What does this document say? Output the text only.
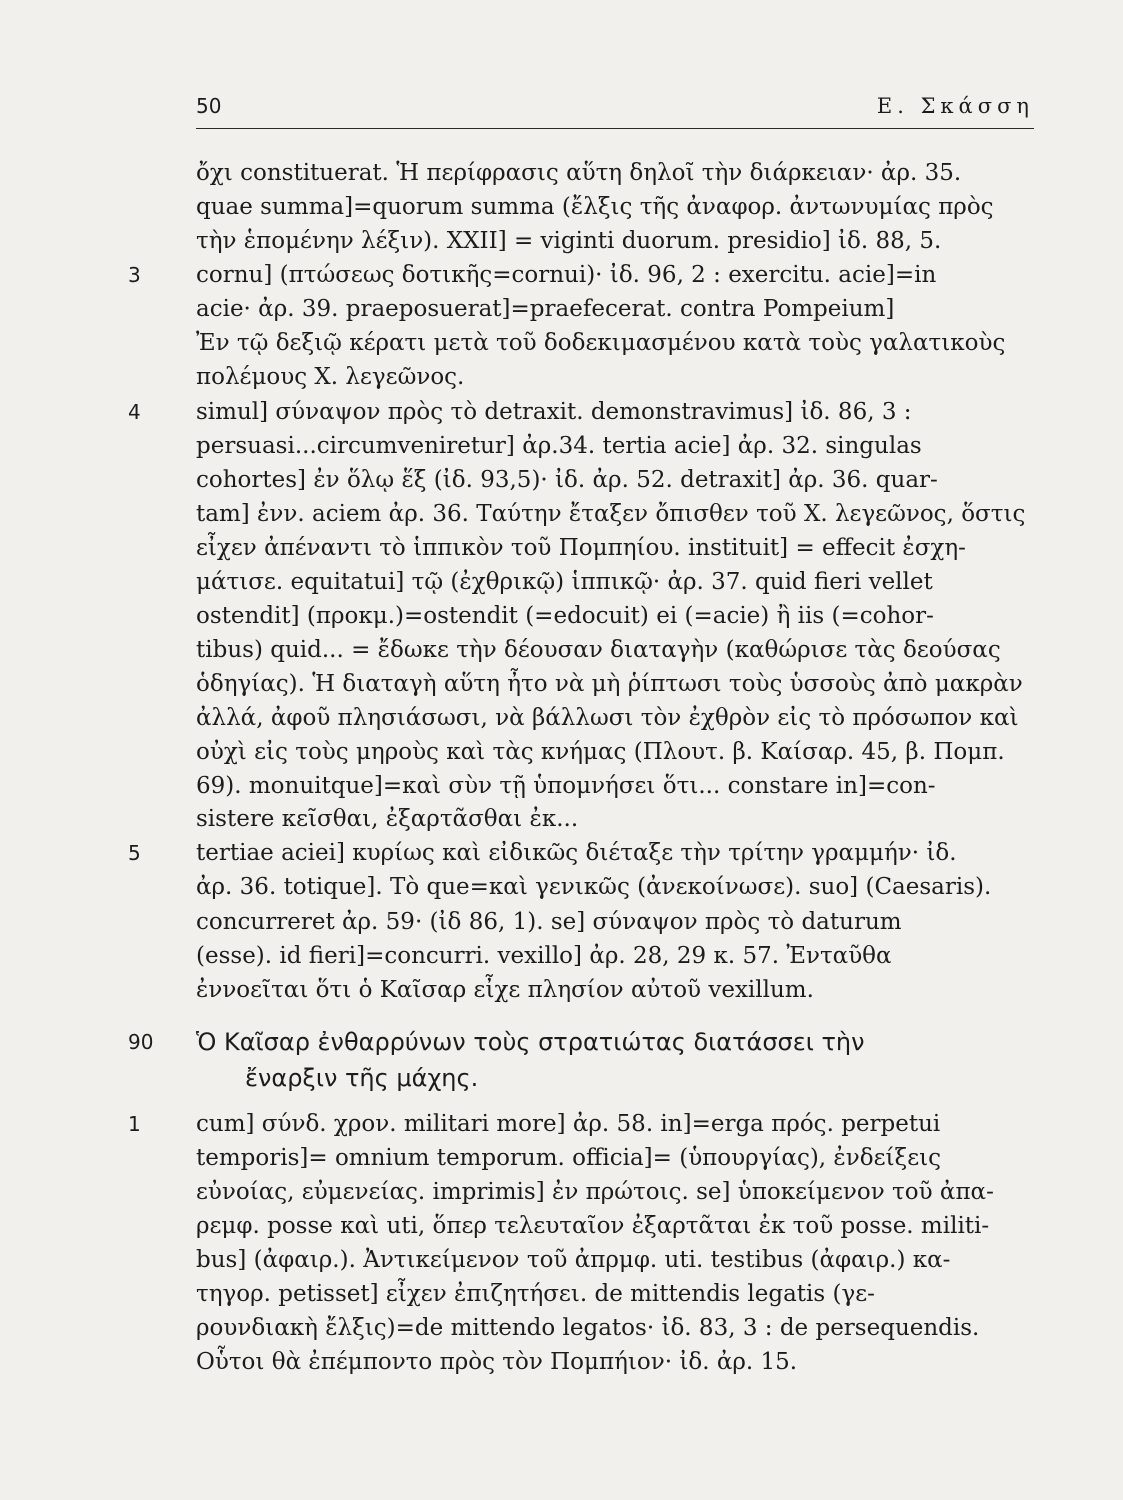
50	Ε. Σκάσση
3
4
5
90
1
ὄχι constituerat. Ἡ περίφρασις αὕτη δηλοῖ τὴν διάρκειαν· ἀρ. 35.
quae summa]=quorum summa (ἔλξις τῆς ἀναφορ. ἀντωνυμίας πρὸς
τὴν ἑπομένην λέξιν). XXII] = viginti duorum. presidio] ἰδ. 88, 5.
cornu] (πτώσεως δοτικῆς=cornui)· ἰδ. 96, 2 : exercitu. acie]=in
acie· ἀρ. 39. praeposuerat]=praefecerat. contra Pompeium]
Ἐν τῷ δεξιῷ κέρατι μετὰ τοῦ δοδεκιμασμένου κατὰ τοὺς γαλατικοὺς
πολέμους Χ. λεγεῶνος.
simul] σύναψον πρὸς τὸ detraxit. demonstravimus] ἰδ. 86, 3 :
persuasi...circumveniretur] ἀρ.34. tertia acie] ἀρ. 32. singulas
cohortes] ἐν ὅλῳ ἕξ (ἰδ. 93,5)· ἰδ. ἀρ. 52. detraxit] ἀρ. 36. quar-
tam] ἐνν. aciem ἀρ. 36. Ταύτην ἔταξεν ὄπισθεν τοῦ Χ. λεγεῶνος, ὅστις
εἶχεν ἀπέναντι τὸ ἱππικὸν τοῦ Πομπηίου. instituit] = effecit ἐσχη-
μάτισε. equitatui] τῷ (ἐχθρικῷ) ἱππικῷ· ἀρ. 37. quid fieri vellet
ostendit] (προκμ.)=ostendit (=edocuit) ei (=acie) ἢ iis (=cohor-
tibus) quid... = ἔδωκε τὴν δέουσαν διαταγὴν (καθώρισε τὰς δεούσας
ὁδηγίας). Ἡ διαταγὴ αὕτη ἦτο νὰ μὴ ῥίπτωσι τοὺς ὑσσοὺς ἀπὸ μακρὰν
ἀλλά, ἀφοῦ πλησιάσωσι, νὰ βάλλωσι τὸν ἐχθρὸν εἰς τὸ πρόσωπον καὶ
οὐχὶ εἰς τοὺς μηροὺς καὶ τὰς κνήμας (Πλουτ. β. Καίσαρ. 45, β. Πομπ.
69). monuitque]=καὶ σὺν τῇ ὑπομνήσει ὅτι... constare in]=con-
sistere κεῖσθαι, ἐξαρτᾶσθαι ἐκ...
tertiae aciei] κυρίως καὶ εἰδικῶς διέταξε τὴν τρίτην γραμμήν· ἰδ.
ἀρ. 36. totique]. Τὸ que=καὶ γενικῶς (ἀνεκοίνωσε). suo] (Caesaris).
concurreret ἀρ. 59· (ἰδ 86, 1). se] σύναψον πρὸς τὸ daturum
(esse). id fieri]=concurri. vexillo] ἀρ. 28, 29 κ. 57. Ἐνταῦθα
ἐννοεῖται ὅτι ὁ Καῖσαρ εἶχε πλησίον αὐτοῦ vexillum.
Ὁ Καῖσαρ ἐνθαρρύνων τοὺς στρατιώτας διατάσσει τὴν
ἔναρξιν τῆς μάχης.
cum] σύνδ. χρον. militari more] ἀρ. 58. in]=erga πρός. perpetui
temporis]= omnium temporum. officia]= (ὑπουργίας), ἐνδείξεις
εὐνοίας, εὐμενείας. imprimis] ἐν πρώτοις. se] ὑποκείμενον τοῦ ἀπα-
ρεμφ. posse καὶ uti, ὅπερ τελευταῖον ἐξαρτᾶται ἐκ τοῦ posse. militi-
bus] (ἀφαιρ.). Ἀντικείμενον τοῦ ἀπρμφ. uti. testibus (ἀφαιρ.) κα-
τηγορ. petisset] εἶχεν ἐπιζητήσει. de mittendis legatis (γε-
ρουνδιακὴ ἔλξις)=de mittendo legatos· ἰδ. 83, 3 : de persequendis.
Οὗτοι θὰ ἐπέμποντο πρὸς τὸν Πομπήιον· ἰδ. ἀρ. 15.
